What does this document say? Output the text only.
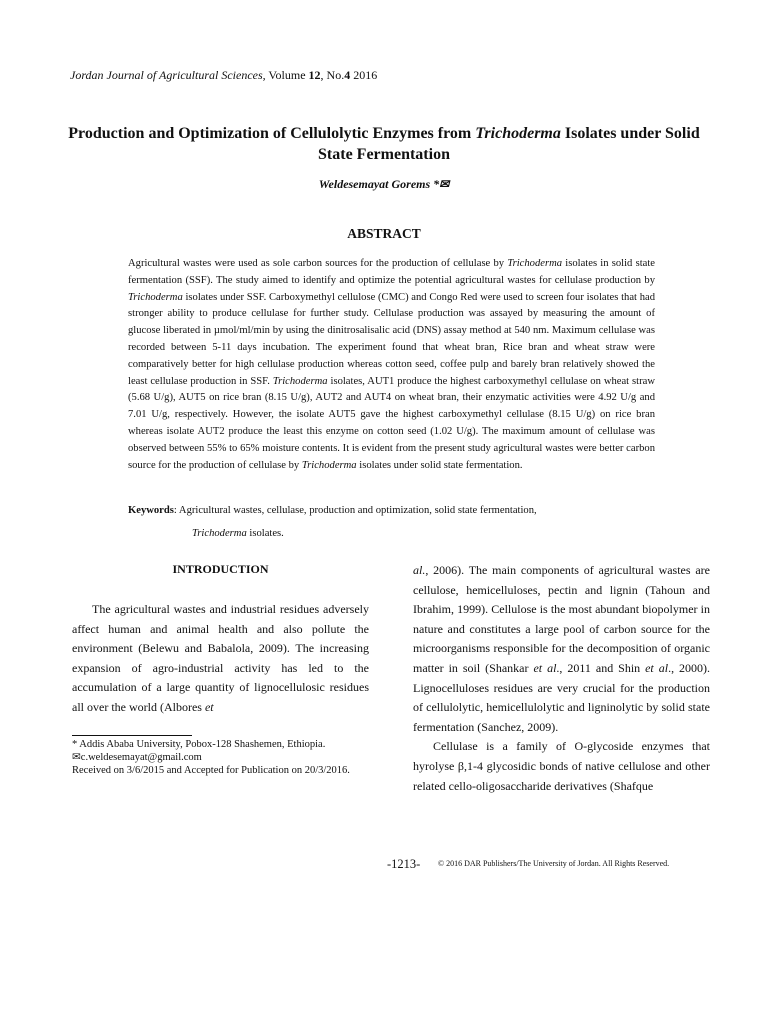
Jordan Journal of Agricultural Sciences, Volume 12, No.4 2016
Production and Optimization of Cellulolytic Enzymes from Trichoderma Isolates under Solid State Fermentation
Weldesemayat Gorems *✉
ABSTRACT

Agricultural wastes were used as sole carbon sources for the production of cellulase by Trichoderma isolates in solid state fermentation (SSF). The study aimed to identify and optimize the potential agricultural wastes for cellulase production by Trichoderma isolates under SSF. Carboxymethyl cellulose (CMC) and Congo Red were used to screen four isolates that had stronger ability to produce cellulase for further study. Cellulase production was assayed by measuring the amount of glucose liberated in µmol/ml/min by using the dinitrosalisalic acid (DNS) assay method at 540 nm. Maximum cellulase was recorded between 5-11 days incubation. The experiment found that wheat bran, Rice bran and wheat straw were comparatively better for high cellulase production whereas cotton seed, coffee pulp and barely bran relatively showed the least cellulase production in SSF. Trichoderma isolates, AUT1 produce the highest carboxymethyl cellulase on wheat straw (5.68 U/g), AUT5 on rice bran (8.15 U/g), AUT2 and AUT4 on wheat bran, their enzymatic activities were 4.92 U/g and 7.01 U/g, respectively. However, the isolate AUT5 gave the highest carboxymethyl cellulase (8.15 U/g) on rice bran whereas isolate AUT2 produce the least this enzyme on cotton seed (1.02 U/g). The maximum amount of cellulase was observed between 55% to 65% moisture contents. It is evident from the present study agricultural wastes were better carbon source for the production of cellulase by Trichoderma isolates under solid state fermentation.

Keywords: Agricultural wastes, cellulase, production and optimization, solid state fermentation,

Trichoderma isolates.

INTRODUCTION

The agricultural wastes and industrial residues adversely affect human and animal health and also pollute the environment (Belewu and Babalola, 2009). The increasing expansion of agro-industrial activity has led to the accumulation of a large quantity of lignocellulosic residues all over the world (Albores et

* Addis Ababa University, Pobox-128 Shashemen, Ethiopia.

✉c.weldesemayat@gmail.com

Received on 3/6/2015 and Accepted for Publication on 20/3/2016.

al., 2006). The main components of agricultural wastes are cellulose, hemicelluloses, pectin and lignin (Tahoun and Ibrahim, 1999). Cellulose is the most abundant biopolymer in nature and constitutes a large pool of carbon source for the microorganisms responsible for the decomposition of organic matter in soil (Shankar et al., 2011 and Shin et al., 2000). Lignocelluloses residues are very crucial for the production of cellulolytic, hemicellulolytic and ligninolytic by solid state fermentation (Sanchez, 2009).

Cellulase is a family of O-glycoside enzymes that hyrolyse β,1-4 glycosidic bonds of native cellulose and other related cello-oligosaccharide derivatives (Shafque

-1213- © 2016 DAR Publishers/The University of Jordan. All Rights Reserved.
